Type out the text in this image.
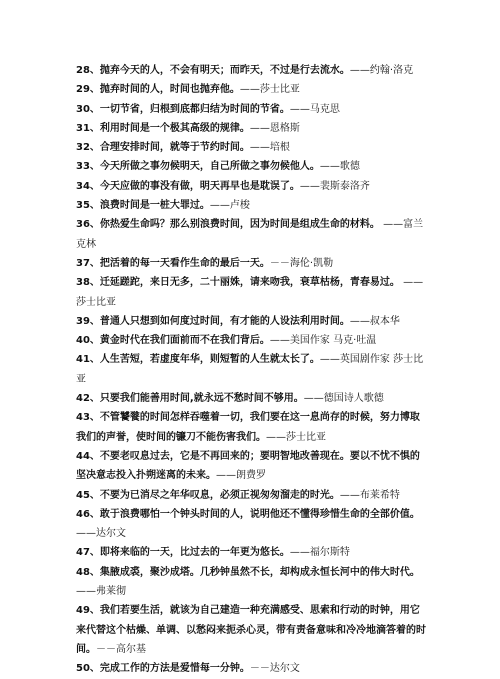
28、抛弃今天的人，不会有明天；而昨天，不过是行去流水。——约翰·洛克

29、抛弃时间的人，时间也抛弃他。——莎士比亚

30、一切节省，归根到底都归结为时间的节省。——马克思

31、利用时间是一个极其高级的规律。——恩格斯

32、合理安排时间，就等于节约时间。——培根

33、今天所做之事勿候明天，自己所做之事勿候他人。——歌德

34、今天应做的事没有做，明天再早也是耽误了。——裴斯泰洛齐

35、浪费时间是一桩大罪过。——卢梭

36、你热爱生命吗？那么别浪费时间，因为时间是组成生命的材料。 ——富兰克林

37、把活着的每一天看作生命的最后一天。－－海伦·凯勒

38、迁延蹉跎，来日无多，二十丽姝，请来吻我，衰草枯杨，青春易过。 —— 莎士比亚

39、普通人只想到如何度过时间，有才能的人设法利用时间。——叔本华

40、黄金时代在我们面前而不在我们背后。——美国作家 马克·吐温

41、人生苦短，若虚度年华，则短暂的人生就太长了。——英国剧作家 莎士比亚

42、只要我们能善用时间,就永远不愁时间不够用。——德国诗人歌德

43、不管饕餮的时间怎样吞噬着一切，我们要在这一息尚存的时候，努力博取我们的声誉，使时间的镰刀不能伤害我们。——莎士比亚

44、不要老叹息过去，它是不再回来的；要明智地改善现在。要以不忧不惧的坚决意志投入扑朔迷离的未来。——朗费罗

45、不要为已消尽之年华叹息，必须正视匆匆溜走的时光。——布莱希特

46、敢于浪费哪怕一个钟头时间的人，说明他还不懂得珍惜生命的全部价值。——达尔文

47、即将来临的一天，比过去的一年更为悠长。——福尔斯特

48、集腋成裘，聚沙成塔。几秒钟虽然不长，却构成永恒长河中的伟大时代。——弗莱彻

49、我们若要生活，就该为自己建造一种充满感受、思索和行动的时钟，用它来代替这个枯燥、单调、以愁闷来扼杀心灵，带有责备意味和冷冷地滴答着的时间。－－高尔基

50、完成工作的方法是爱惜每一分钟。－－达尔文
